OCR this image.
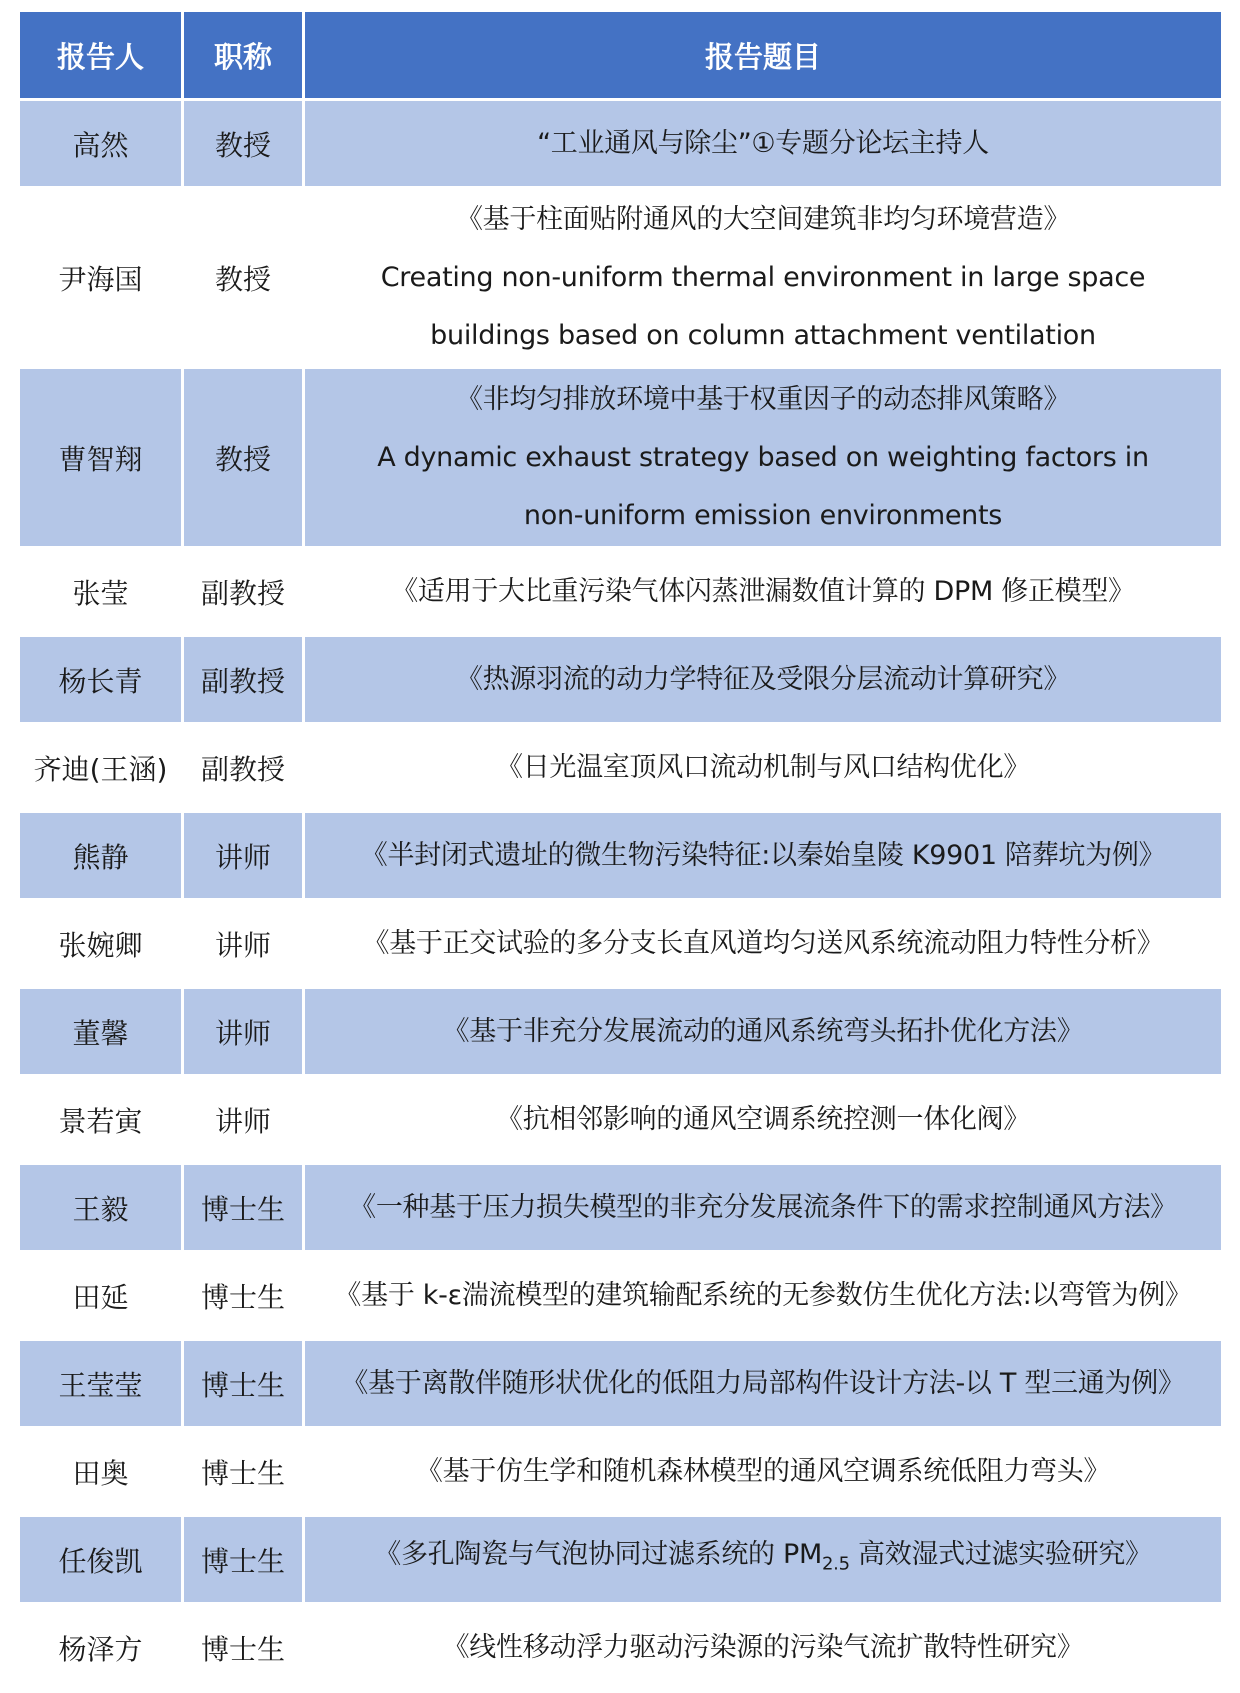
报告人	职称	报告题目
高然	教授	“工业通风与除尘”①专题分论坛主持人

尹海国	教授	《基于柱面贴附通风的大空间建筑非均匀环境营造》
Creating non-uniform thermal environment in large space
buildings based on column attachment ventilation

曹智翔	教授	《非均匀排放环境中基于权重因子的动态排风策略》
A dynamic exhaust strategy based on weighting factors in
non-uniform emission environments

张莹	副教授	《适用于大比重污染气体闪蒸泄漏数值计算的 DPM 修正模型》

杨长青	副教授	《热源羽流的动力学特征及受限分层流动计算研究》

齐迪(王涵)	副教授	《日光温室顶风口流动机制与风口结构优化》

熊静	讲师	《半封闭式遗址的微生物污染特征:以秦始皇陵 K9901 陪葬坑为例》

张婉卿	讲师	《基于正交试验的多分支长直风道均匀送风系统流动阻力特性分析》

董馨	讲师	《基于非充分发展流动的通风系统弯头拓扑优化方法》

景若寅	讲师	《抗相邻影响的通风空调系统控测一体化阀》

王毅	博士生	《一种基于压力损失模型的非充分发展流条件下的需求控制通风方法》

田延	博士生	《基于 k-ε湍流模型的建筑输配系统的无参数仿生优化方法:以弯管为例》

王莹莹	博士生	《基于离散伴随形状优化的低阻力局部构件设计方法-以 T 型三通为例》

田奥	博士生	《基于仿生学和随机森林模型的通风空调系统低阻力弯头》

任俊凯	博士生	《多孔陶瓷与气泡协同过滤系统的 $PM_{2.5}$ 高效湿式过滤实验研究》

杨泽方	博士生	《线性移动浮力驱动污染源的污染气流扩散特性研究》
